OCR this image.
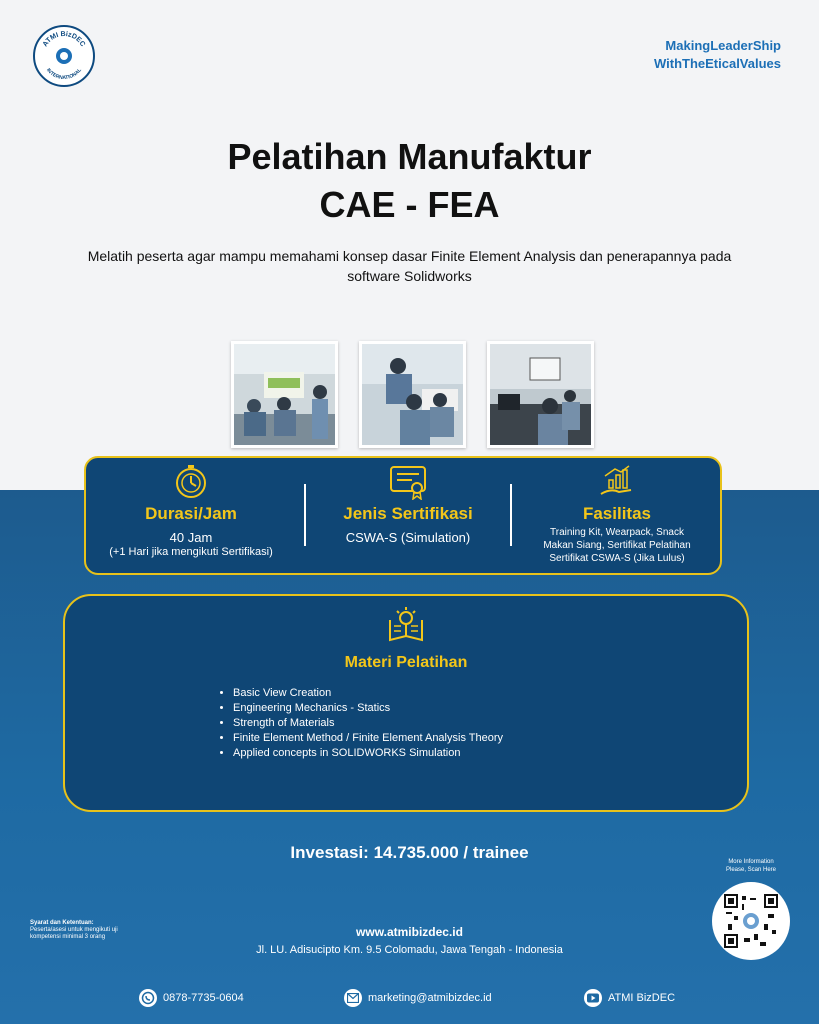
ATMI BizDEC
INTERNATIONAL
MakingLeaderShip
WithTheEticalValues
Pelatihan Manufaktur
CAE - FEA
Melatih peserta agar mampu memahami konsep dasar Finite Element Analysis dan penerapannya pada software Solidworks
Durasi/Jam
40 Jam
(+1 Hari jika mengikuti Sertifikasi)
Jenis Sertifikasi
CSWA-S (Simulation)
Fasilitas
Training Kit, Wearpack, Snack
Makan Siang, Sertifikat Pelatihan
Sertifikat CSWA-S (Jika Lulus)
Materi Pelatihan
• Basic View Creation
• Engineering Mechanics - Statics
• Strength of Materials
• Finite Element Method / Finite Element Analysis Theory
• Applied concepts in SOLIDWORKS Simulation
Investasi: 14.735.000 / trainee
Syarat dan Ketentuan:
Peserta/asesi untuk mengikuti uji
kompetensi minimal 3 orang	www.atmibizdec.id
Jl. LU. Adisucipto Km. 9.5 Colomadu, Jawa Tengah - Indonesia
More Information
Please, Scan Here
0878-7735-0604	marketing@atmibizdec.id	ATMI BizDEC
